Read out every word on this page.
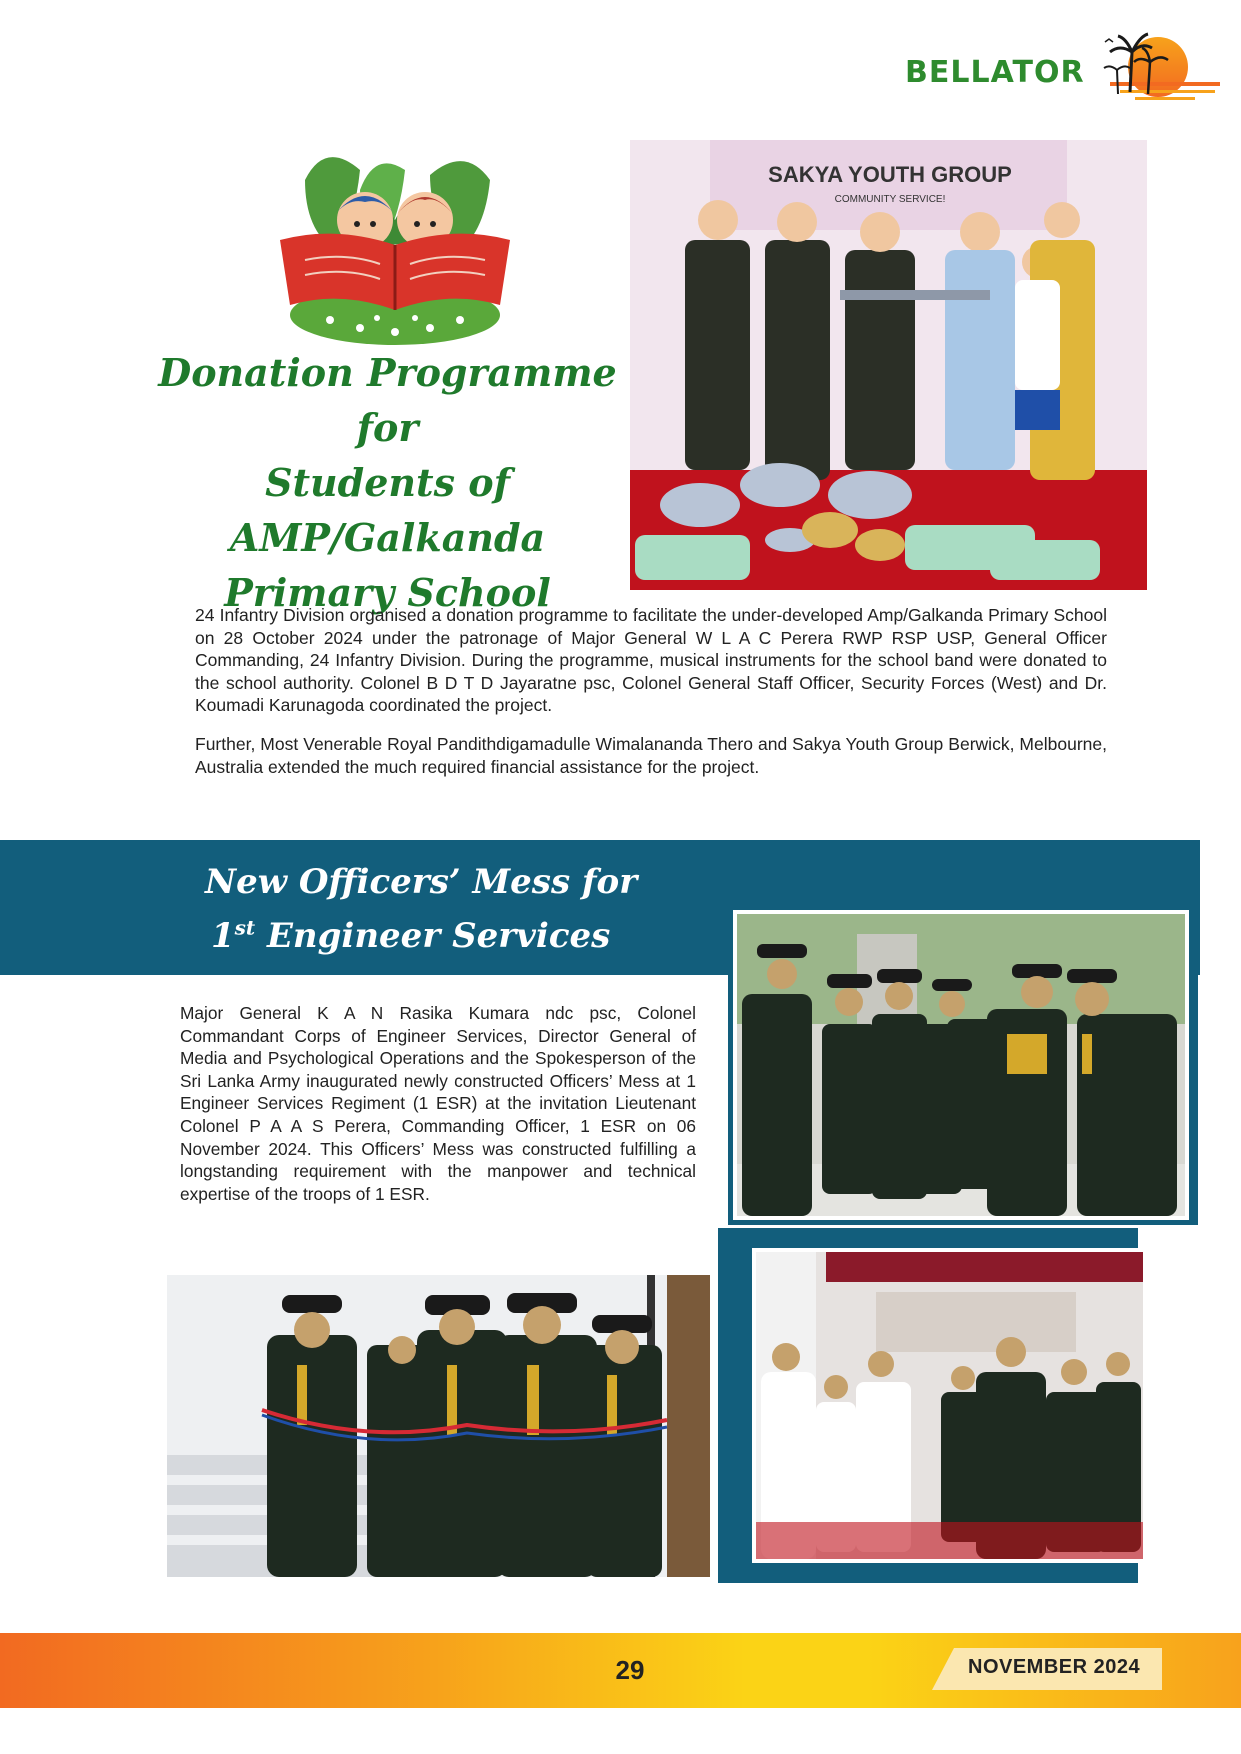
BELLATOR
Donation Programme for
Students of AMP/Galkanda
Primary School
SAKYA YOUTH GROUP
COMMUNITY SERVICE!

24 Infantry Division organised a donation programme to facilitate the under-developed Amp/Galkanda Primary School on 28 October 2024 under the patronage of Major General W L A C Perera RWP RSP USP, General Officer Commanding, 24 Infantry Division. During the programme, musical instruments for the school band were donated to the school authority. Colonel B D T D Jayaratne psc, Colonel General Staff Officer, Security Forces (West) and Dr. Koumadi Karunagoda coordinated the project.

Further, Most Venerable Royal Pandithdigamadulle Wimalananda Thero and Sakya Youth Group Berwick, Melbourne, Australia extended the much required financial assistance for the project.

New Officers’ Mess for
1st Engineer Services Regiment

Major General K A N Rasika Kumara ndc psc, Colonel Commandant Corps of Engineer Services, Director General of Media and Psychological Operations and the Spokesperson of the Sri Lanka Army inaugurated newly constructed Officers’ Mess at 1 Engineer Services Regiment (1 ESR) at the invitation Lieutenant Colonel P A A S Perera, Commanding Officer, 1 ESR on 06 November 2024. This Officers’ Mess was constructed fulfilling a longstanding requirement with the manpower and technical expertise of the troops of 1 ESR.

29	NOVEMBER 2024
